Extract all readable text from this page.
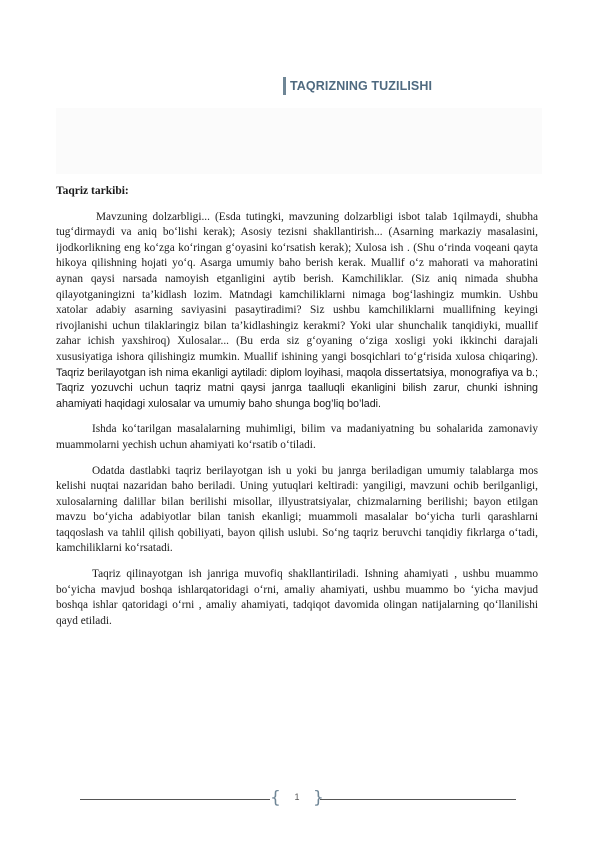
TAQRIZNING TUZILISHI
Taqriz tarkibi:

Mavzuning dolzarbligi... (Esda tutingki, mavzuning dolzarbligi isbot talab 1qilmaydi, shubha tug‘dirmaydi va aniq bo‘lishi kerak); Asosiy tezisni shakllantirish... (Asarning markaziy masalasini, ijodkorlikning eng ko‘zga ko‘ringan g‘oyasini ko‘rsatish kerak); Xulosa ish . (Shu o‘rinda voqeani qayta hikoya qilishning hojati yo‘q. Asarga umumiy baho berish kerak. Muallif o‘z mahorati va mahoratini aynan qaysi narsada namoyish etganligini aytib berish. Kamchiliklar. (Siz aniq nimada shubha qilayotganingizni ta’kidlash lozim. Matndagi kamchiliklarni nimaga bog‘lashingiz mumkin. Ushbu xatolar adabiy asarning saviyasini pasaytiradimi? Siz ushbu kamchiliklarni muallifning keyingi rivojlanishi uchun tilaklaringiz bilan ta’kidlashingiz kerakmi? Yoki ular shunchalik tanqidiyki, muallif zahar ichish yaxshiroq) Xulosalar... (Bu erda siz g‘oyaning o‘ziga xosligi yoki ikkinchi darajali xususiyatiga ishora qilishingiz mumkin. Muallif ishining yangi bosqichlari to‘g‘risida xulosa chiqaring). Taqriz berilayotgan ish nima ekanligi aytiladi: diplom loyihasi, maqola dissertatsiya, monografiya va b.; Taqriz yozuvchi uchun taqriz matni qaysi janrga taalluqli ekanligini bilish zarur, chunki ishning ahamiyati haqidagi xulosalar va umumiy baho shunga bog’liq bo’ladi.

Ishda ko‘tarilgan masalalarning muhimligi, bilim va madaniyatning bu sohalarida zamonaviy muammolarni yechish uchun ahamiyati ko‘rsatib o‘tiladi.

Odatda dastlabki taqriz berilayotgan ish u yoki bu janrga beriladigan umumiy talablarga mos kelishi nuqtai nazaridan baho beriladi. Uning yutuqlari keltiradi: yangiligi, mavzuni ochib berilganligi, xulosalarning dalillar bilan berilishi misollar, illyustratsiyalar, chizmalarning berilishi; bayon etilgan mavzu bo‘yicha adabiyotlar bilan tanish ekanligi; muammoli masalalar bo‘yicha turli qarashlarni taqqoslash va tahlil qilish qobiliyati, bayon qilish uslubi. So‘ng taqriz beruvchi tanqidiy fikrlarga o‘tadi, kamchiliklarni ko‘rsatadi.

Taqriz qilinayotgan ish janriga muvofiq shakllantiriladi. Ishning ahamiyati , ushbu muammo bo‘yicha mavjud boshqa ishlarqatoridagi o‘rni, amaliy ahamiyati, ushbu muammo bo ‘yicha mavjud boshqa ishlar qatoridagi o‘rni , amaliy ahamiyati, tadqiqot davomida olingan natijalarning qo‘llanilishi qayd etiladi.

{	1 }
